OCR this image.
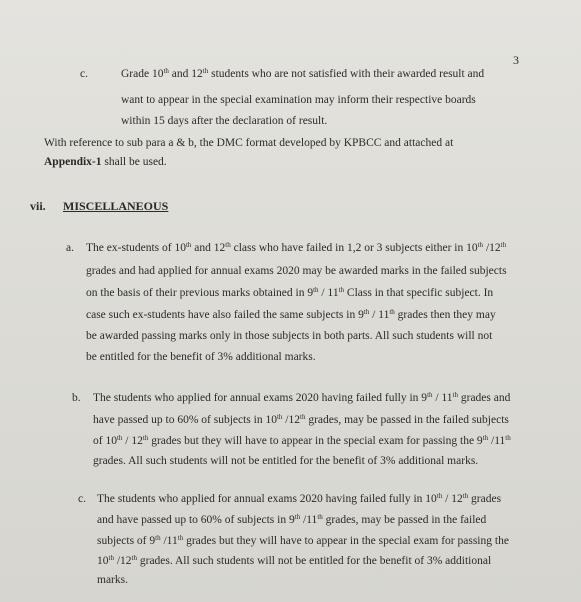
3
c.	Grade 10th and 12th students who are not satisfied with their awarded result and
want to appear in the special examination may inform their respective boards
within 15 days after the declaration of result.
With reference to sub para a & b, the DMC format developed by KPBCC and attached at
Appendix-1 shall be used.
vii. MISCELLANEOUS
a. The ex-students of 10th and 12th class who have failed in 1,2 or 3 subjects either in 10th /12th
grades and had applied for annual exams 2020 may be awarded marks in the failed subjects
on the basis of their previous marks obtained in 9th / 11th Class in that specific subject. In
case such ex-students have also failed the same subjects in 9th / 11th grades then they may
be awarded passing marks only in those subjects in both parts. All such students will not
be entitled for the benefit of 3% additional marks.
b. The students who applied for annual exams 2020 having failed fully in 9th / 11th grades and
have passed up to 60% of subjects in 10th /12th grades, may be passed in the failed subjects
of 10th / 12th grades but they will have to appear in the special exam for passing the 9th /11th
grades. All such students will not be entitled for the benefit of 3% additional marks.
c. The students who applied for annual exams 2020 having failed fully in 10th / 12th grades
and have passed up to 60% of subjects in 9th /11th grades, may be passed in the failed
subjects of 9th /11th grades but they will have to appear in the special exam for passing the
10th /12th grades. All such students will not be entitled for the benefit of 3% additional
marks.
